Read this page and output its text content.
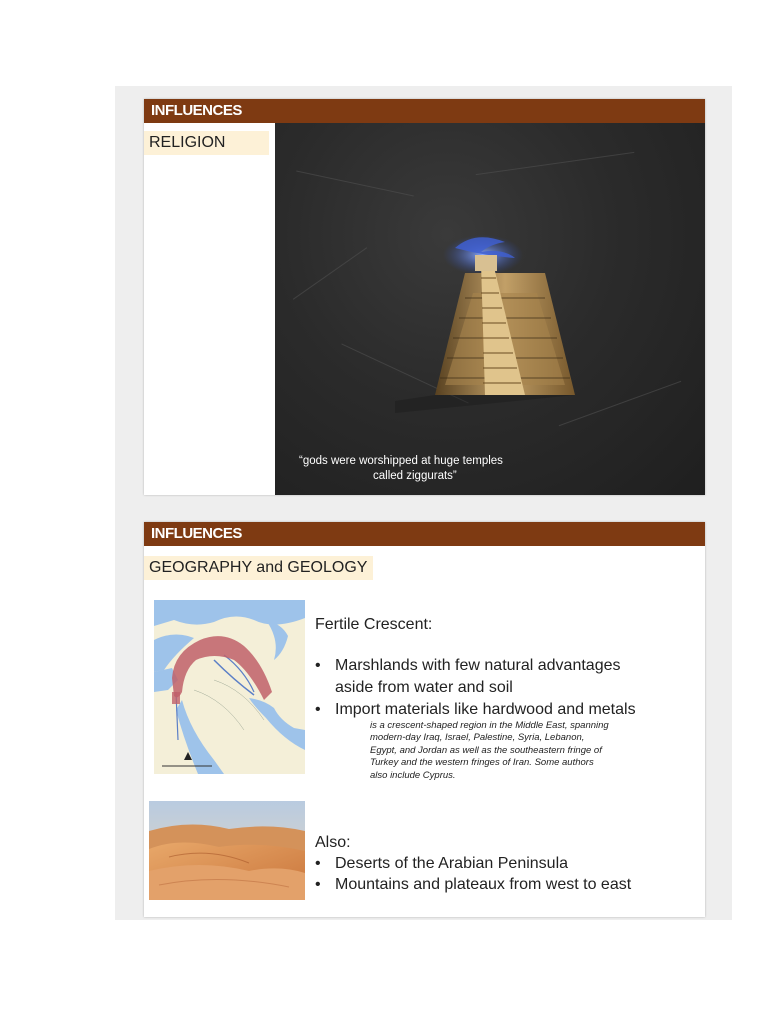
INFLUENCES
RELIGION
“gods were worshipped at huge temples
called ziggurats”
INFLUENCES
GEOGRAPHY and GEOLOGY
Fertile Crescent:
• Marshlands with few natural advantages
aside from water and soil
• Import materials like hardwood and metals
is a crescent-shaped region in the Middle East, spanning
modern-day Iraq, Israel, Palestine, Syria, Lebanon,
Egypt, and Jordan as well as the southeastern fringe of
Turkey and the western fringes of Iran. Some authors
also include Cyprus.
Also:
• Deserts of the Arabian Peninsula
• Mountains and plateaux from west to east
